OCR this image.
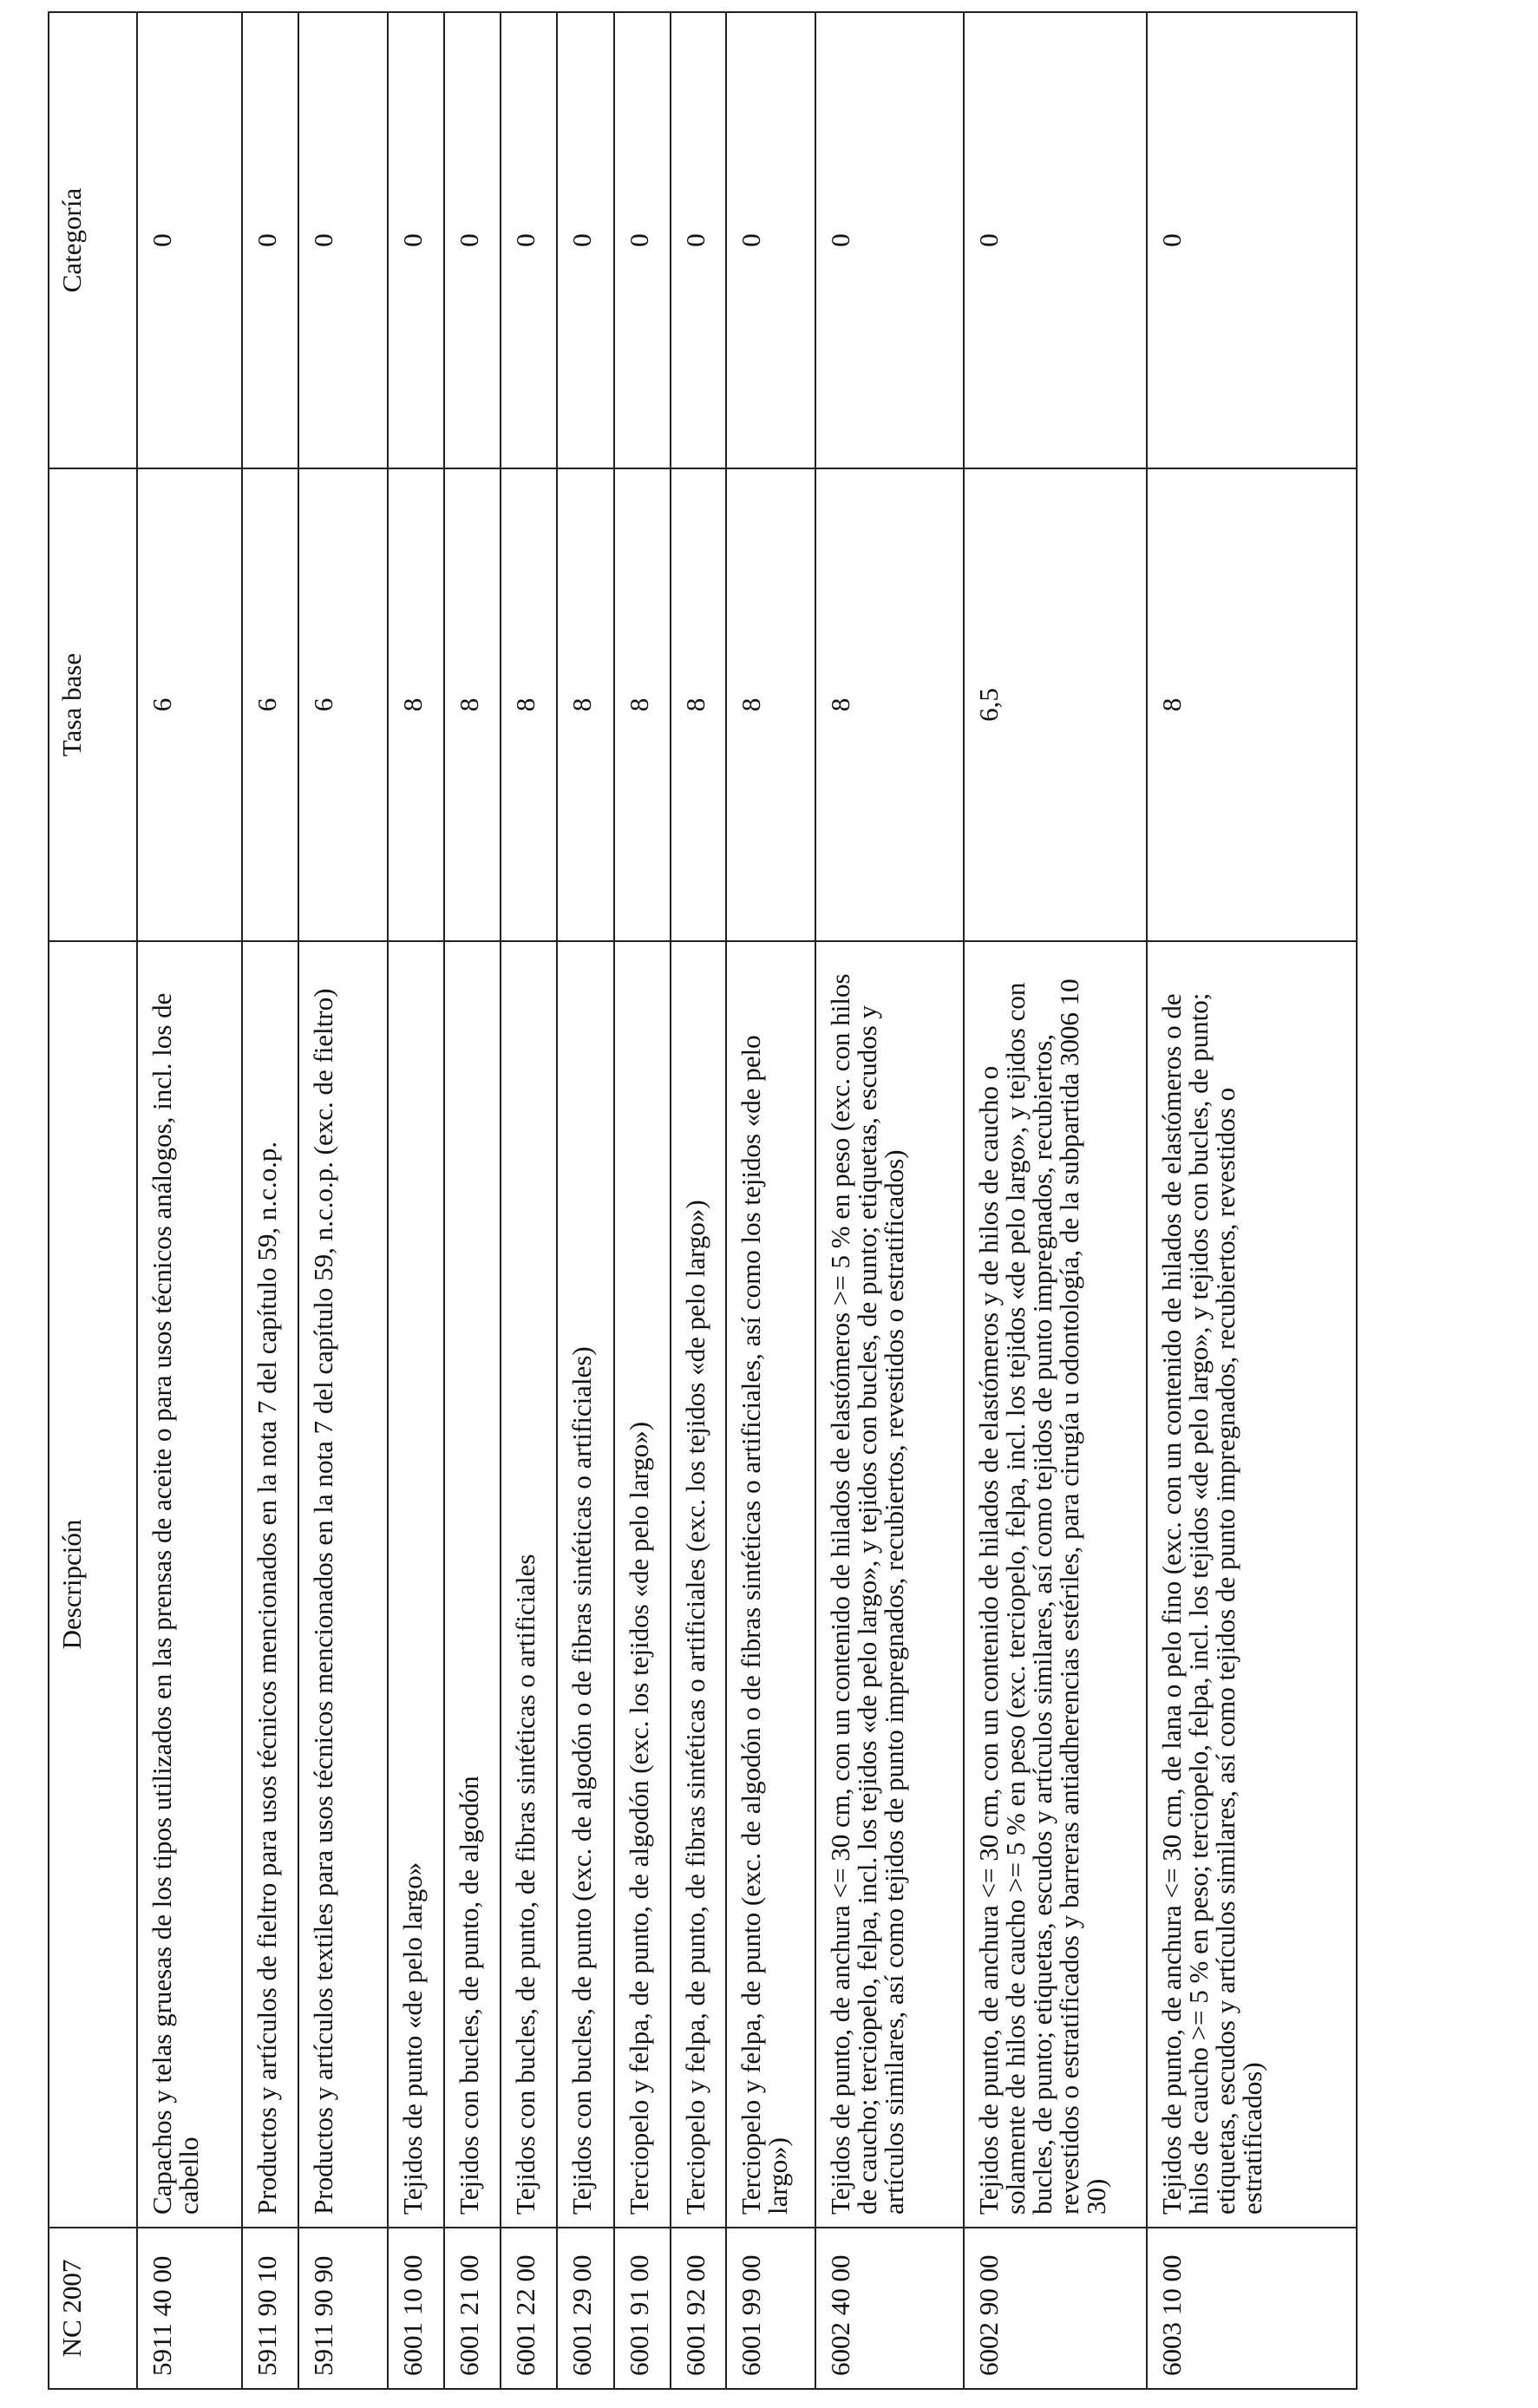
NC 2007	Descripción	Tasa base	Categoría
5911 40 00	Capachos y telas gruesas de los tipos utilizados en las prensas de aceite o para usos técnicos análogos, incl. los de cabello	6	0
5911 90 10	Productos y artículos de fieltro para usos técnicos mencionados en la nota 7 del capítulo 59, n.c.o.p.	6	0
5911 90 90	Productos y artículos textiles para usos técnicos mencionados en la nota 7 del capítulo 59, n.c.o.p. (exc. de fieltro)	6	0
6001 10 00	Tejidos de punto «de pelo largo»	8	0
6001 21 00	Tejidos con bucles, de punto, de algodón	8	0
6001 22 00	Tejidos con bucles, de punto, de fibras sintéticas o artificiales	8	0
6001 29 00	Tejidos con bucles, de punto (exc. de algodón o de fibras sintéticas o artificiales)	8	0
6001 91 00	Terciopelo y felpa, de punto, de algodón (exc. los tejidos «de pelo largo»)	8	0
6001 92 00	Terciopelo y felpa, de punto, de fibras sintéticas o artificiales (exc. los tejidos «de pelo largo»)	8	0
6001 99 00	Terciopelo y felpa, de punto (exc. de algodón o de fibras sintéticas o artificiales, así como los tejidos «de pelo largo»)	8	0
6002 40 00	Tejidos de punto, de anchura <= 30 cm, con un contenido de hilados de elastómeros >= 5 % en peso (exc. con hilos de caucho; terciopelo, felpa, incl. los tejidos «de pelo largo», y tejidos con bucles, de punto; etiquetas, escudos y artículos similares, así como tejidos de punto impregnados, recubiertos, revestidos o estratificados)	8	0
6002 90 00	Tejidos de punto, de anchura <= 30 cm, con un contenido de hilados de elastómeros y de hilos de caucho o solamente de hilos de caucho >= 5 % en peso (exc. terciopelo, felpa, incl. los tejidos «de pelo largo», y tejidos con bucles, de punto; etiquetas, escudos y artículos similares, así como tejidos de punto impregnados, recubiertos, revestidos o estratificados y barreras antiadherencias estériles, para cirugía u odontología, de la subpartida 3006 10 30)	6,5	0
6003 10 00	Tejidos de punto, de anchura <= 30 cm, de lana o pelo fino (exc. con un contenido de hilados de elastómeros o de hilos de caucho >= 5 % en peso; terciopelo, felpa, incl. los tejidos «de pelo largo», y tejidos con bucles, de punto; etiquetas, escudos y artículos similares, así como tejidos de punto impregnados, recubiertos, revestidos o estratificados)	8	0
